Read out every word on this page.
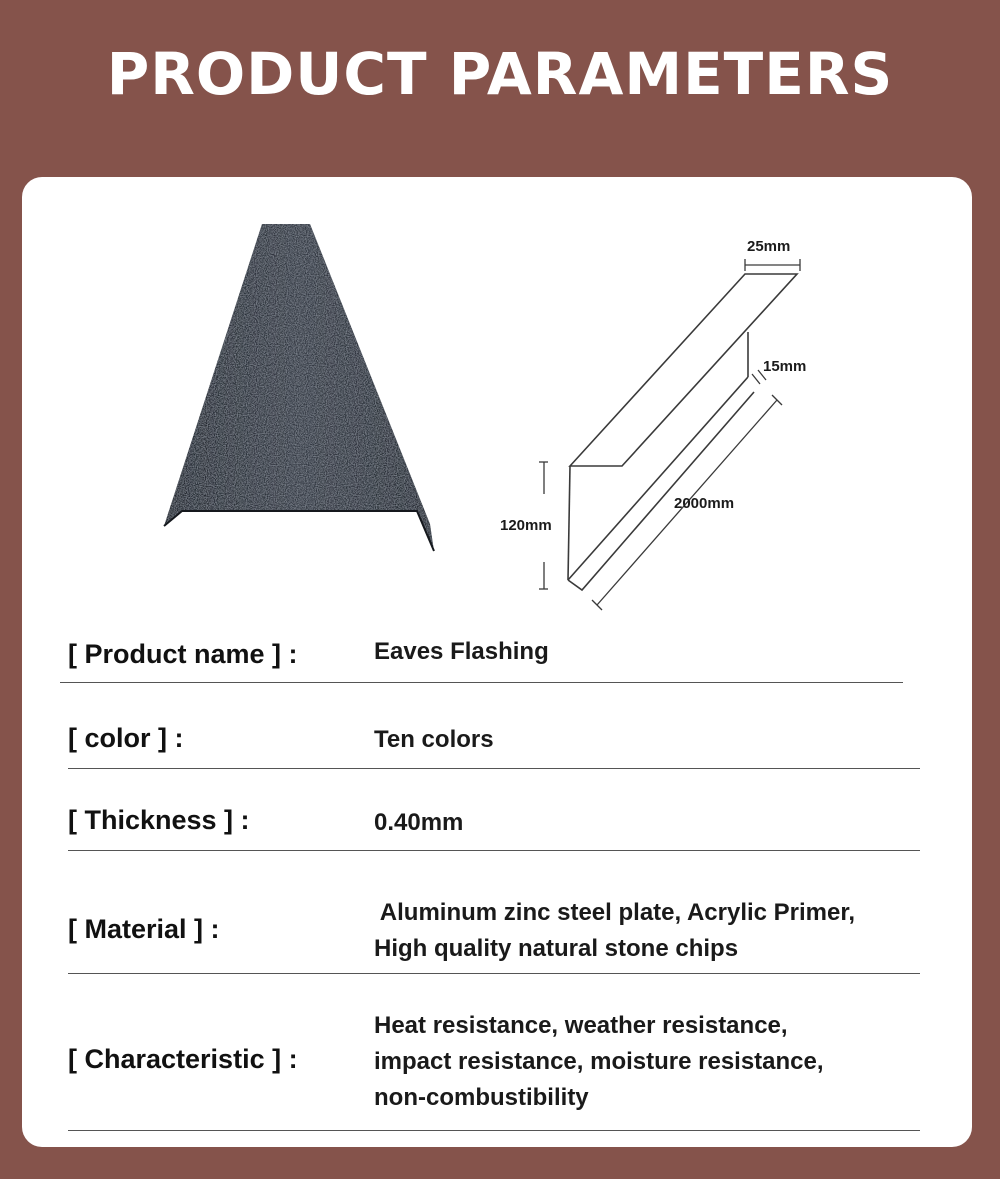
PRODUCT PARAMETERS
25mm
15mm
120mm
2000mm
[ Product name ] :	Eaves Flashing
[ color ] :	Ten colors
[ Thickness ] :	0.40mm
[ Material ] :
Aluminum zinc steel plate, Acrylic Primer,
High quality natural stone chips
[ Characteristic ] :
Heat resistance, weather resistance,
impact resistance, moisture resistance,
non-combustibility
